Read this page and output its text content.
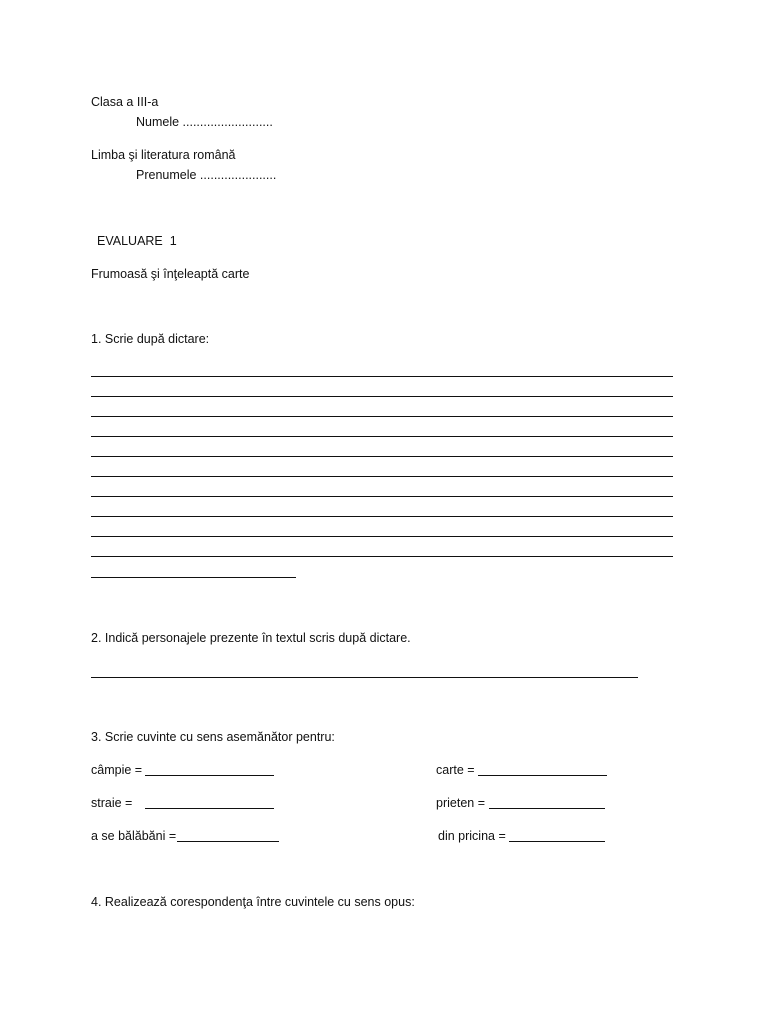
Clasa a III-a
Numele ..........................
Limba şi literatura română
Prenumele ......................
EVALUARE  1
Frumoasă şi înţeleaptă carte
1. Scrie după dictare:
2. Indică personajele prezente în textul scris după dictare.
3. Scrie cuvinte cu sens asemănător pentru:
câmpie =	carte =
straie =	prieten =
a se bălăbăni =	din pricina =
4. Realizează corespondenţa între cuvintele cu sens opus:
